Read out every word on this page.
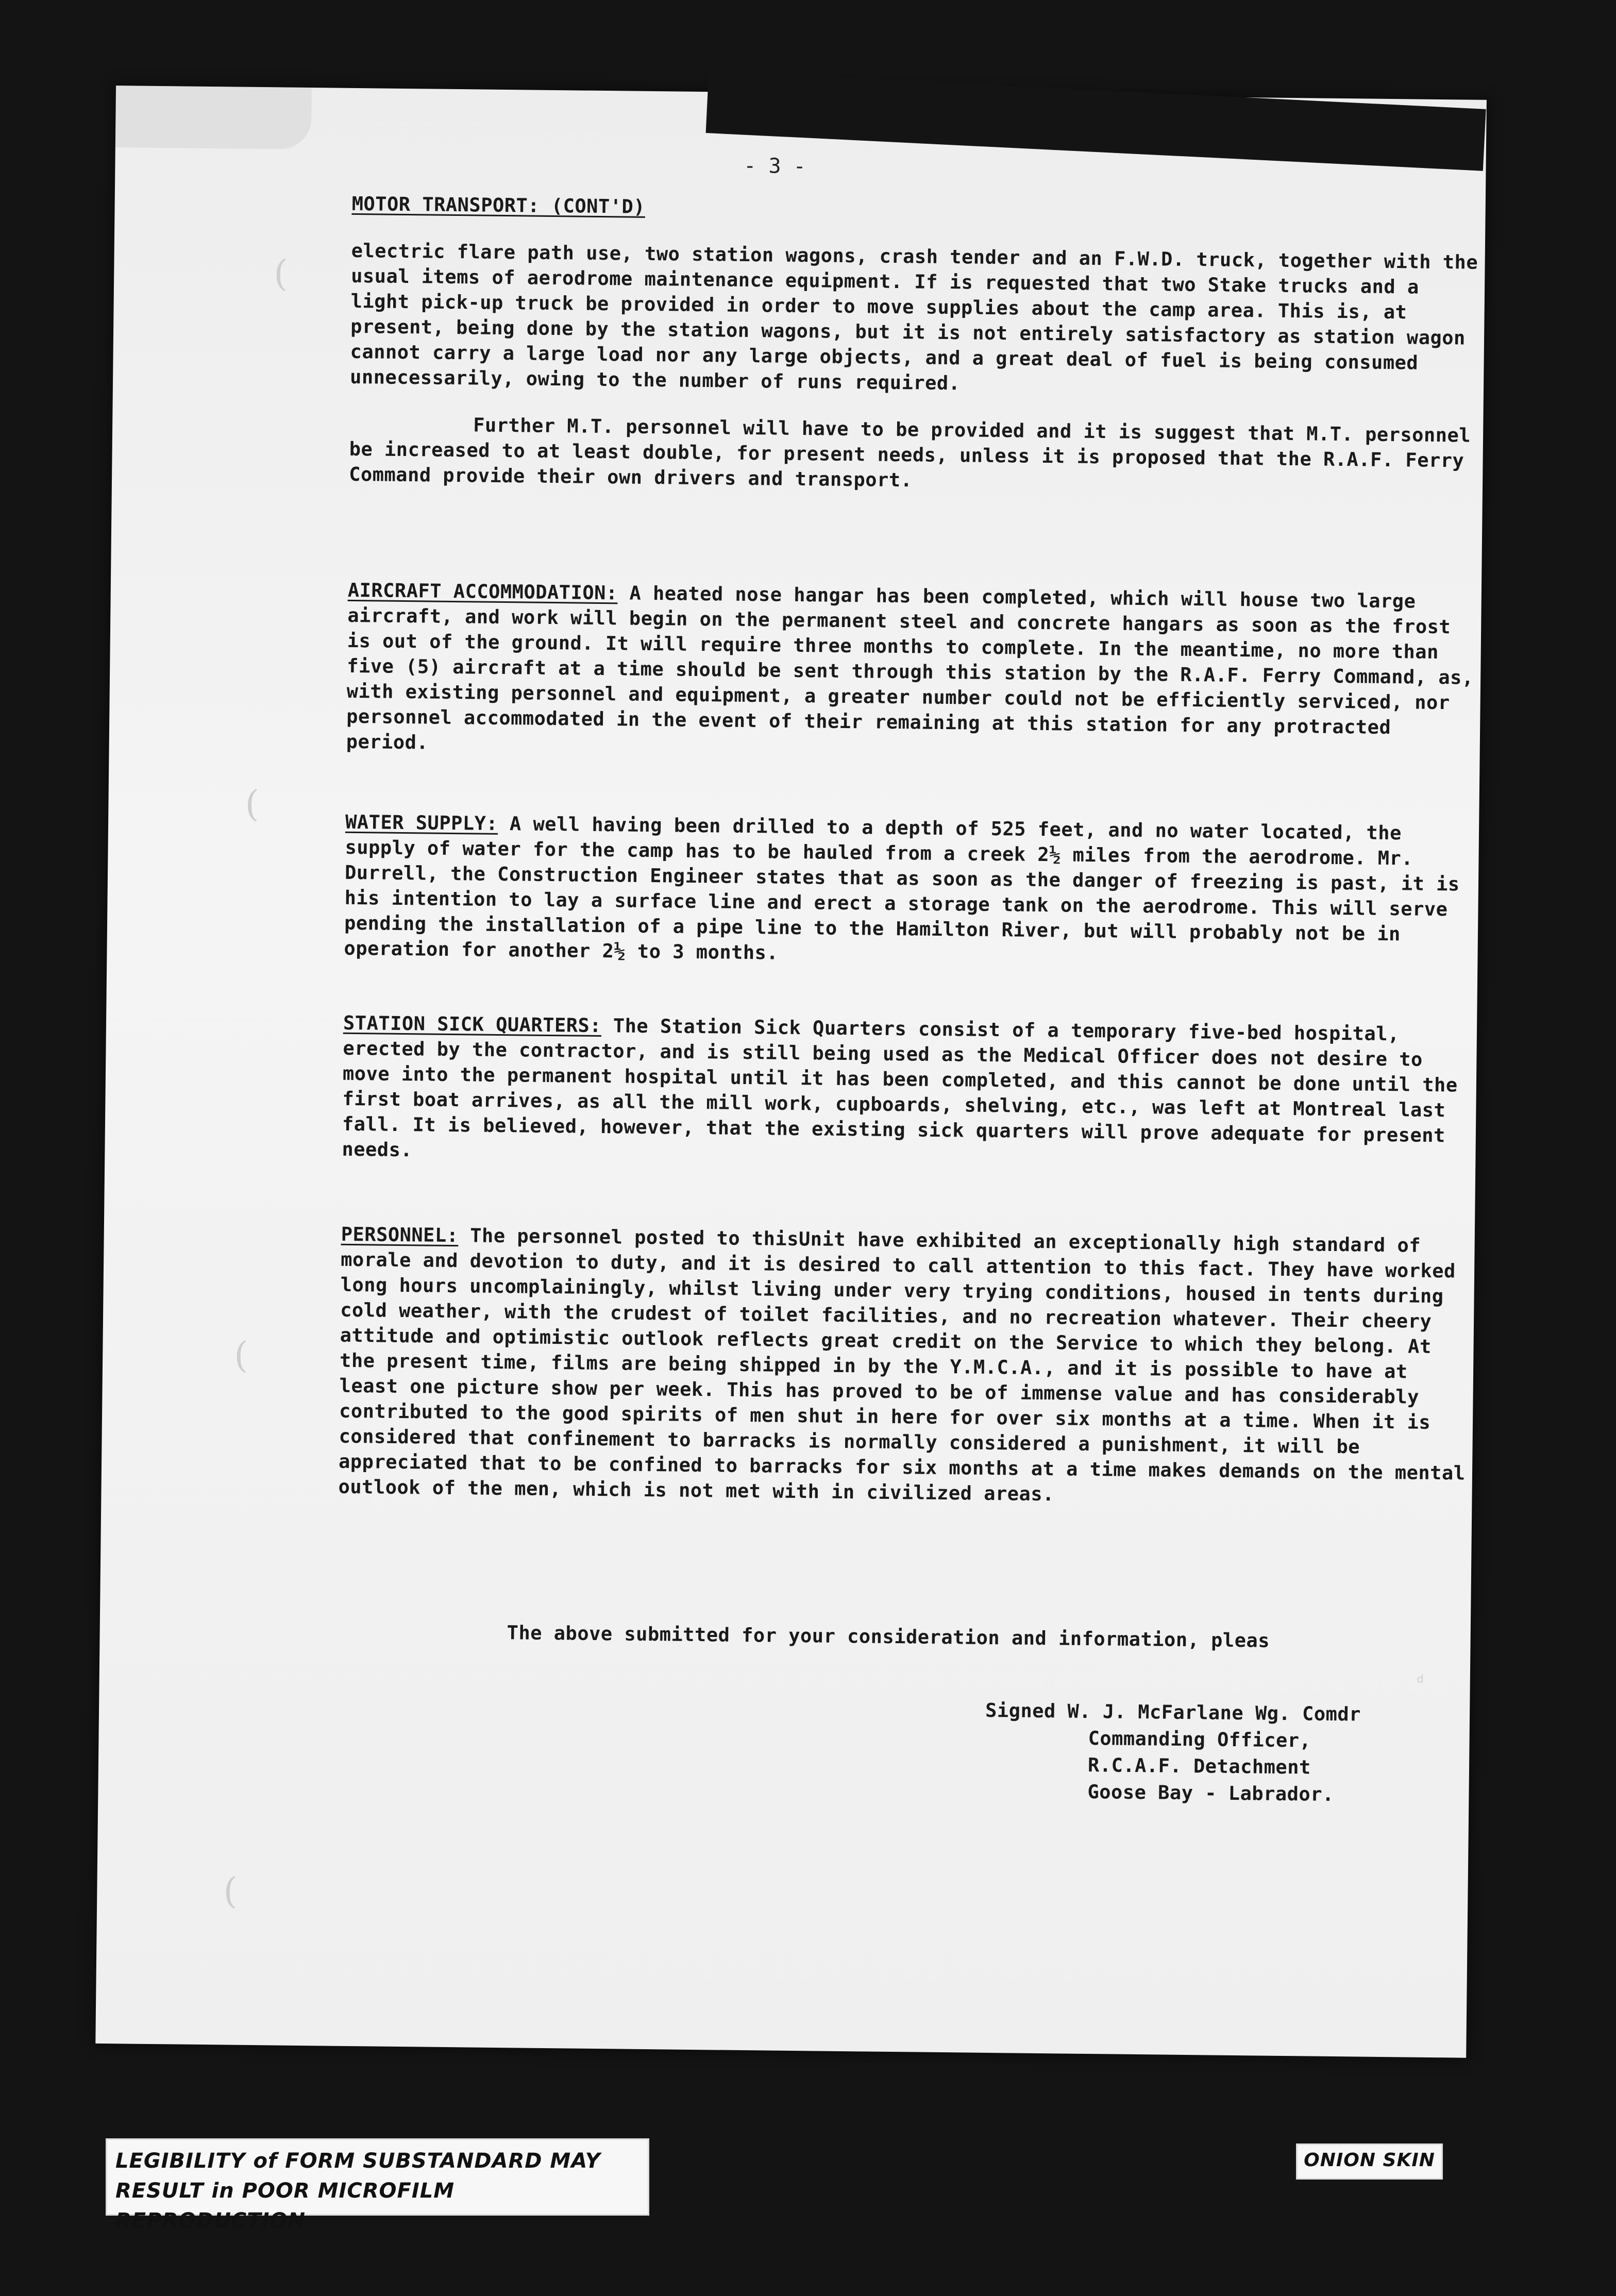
- 3 -

MOTOR TRANSPORT: (CONT'D)

electric flare path use, two station wagons, crash tender and an F.W.D. truck, together with the usual items of aerodrome maintenance equipment. If is requested that two Stake trucks and a light pick-up truck be provided in order to move supplies about the camp area. This is, at present, being done by the station wagons, but it is not entirely satisfactory as station wagon cannot carry a large load nor any large objects, and a great deal of fuel is being consumed unnecessarily, owing to the number of runs required.

Further M.T. personnel will have to be provided and it is suggest that M.T. personnel be increased to at least double, for present needs, unless it is proposed that the R.A.F. Ferry Command provide their own drivers and transport.

AIRCRAFT ACCOMMODATION: A heated nose hangar has been completed, which will house two large aircraft, and work will begin on the permanent steel and concrete hangars as soon as the frost is out of the ground. It will require three months to complete. In the meantime, no more than five (5) aircraft at a time should be sent through this station by the R.A.F. Ferry Command, as, with existing personnel and equipment, a greater number could not be efficiently serviced, nor personnel accommodated in the event of their remaining at this station for any protracted period.

WATER SUPPLY: A well having been drilled to a depth of 525 feet, and no water located, the supply of water for the camp has to be hauled from a creek 2½ miles from the aerodrome. Mr. Durrell, the Construction Engineer states that as soon as the danger of freezing is past, it is his intention to lay a surface line and erect a storage tank on the aerodrome. This will serve pending the installation of a pipe line to the Hamilton River, but will probably not be in operation for another 2½ to 3 months.

STATION SICK QUARTERS: The Station Sick Quarters consist of a temporary five-bed hospital, erected by the contractor, and is still being used as the Medical Officer does not desire to move into the permanent hospital until it has been completed, and this cannot be done until the first boat arrives, as all the mill work, cupboards, shelving, etc., was left at Montreal last fall. It is believed, however, that the existing sick quarters will prove adequate for present needs.

PERSONNEL: The personnel posted to thisUnit have exhibited an exceptionally high standard of morale and devotion to duty, and it is desired to call attention to this fact. They have worked long hours uncomplainingly, whilst living under very trying conditions, housed in tents during cold weather, with the crudest of toilet facilities, and no recreation whatever. Their cheery attitude and optimistic outlook reflects great credit on the Service to which they belong. At the present time, films are being shipped in by the Y.M.C.A., and it is possible to have at least one picture show per week. This has proved to be of immense value and has considerably contributed to the good spirits of men shut in here for over six months at a time. When it is considered that confinement to barracks is normally considered a punishment, it will be appreciated that to be confined to barracks for six months at a time makes demands on the mental outlook of the men, which is not met with in civilized areas.

The above submitted for your consideration and information, pleas
Signed W. J. McFarlane Wg. Comdr
Commanding Officer,
R.C.A.F. Detachment
Goose Bay - Labrador.
(
(
(
(
ᵈ
LEGIBILITY of FORM SUBSTANDARD MAY
RESULT in POOR MICROFILM REPRODUCTION
ONION SKIN
